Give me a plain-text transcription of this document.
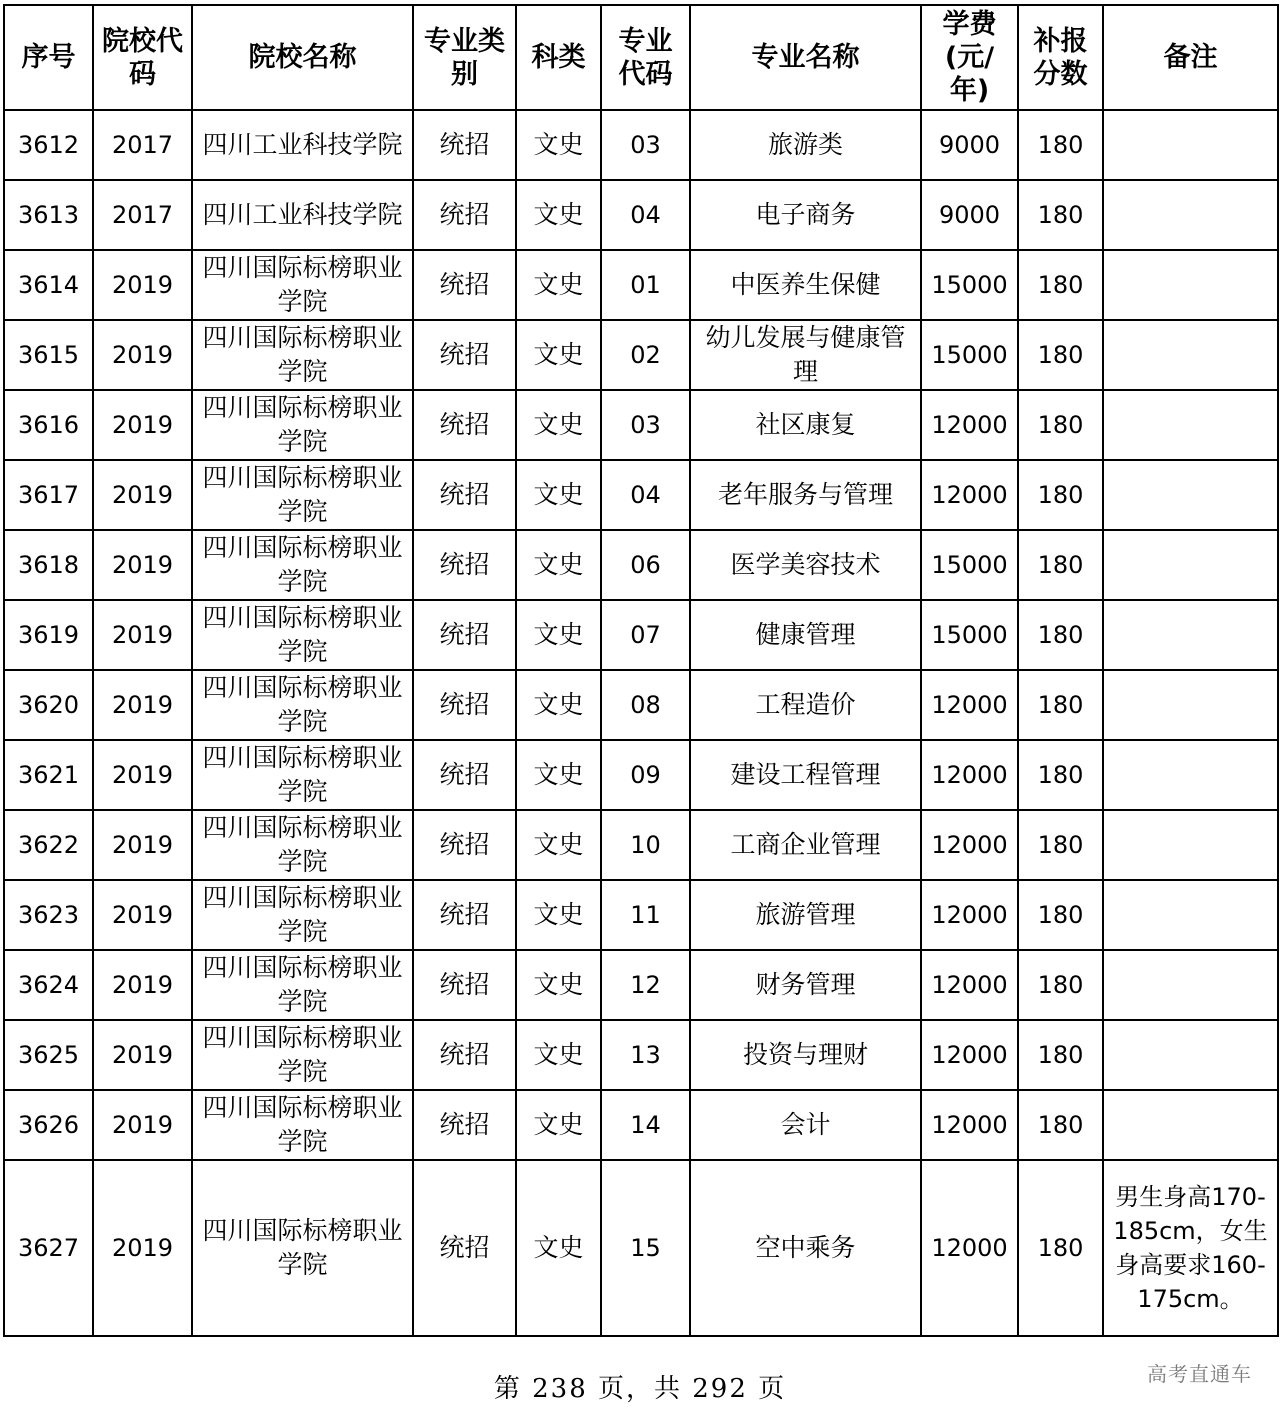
序号	院校代码	院校名称	专业类别	科类	专业代码	专业名称	学费(元/年)	补报分数	备注
3612	2017	四川工业科技学院	统招	文史	03	旅游类	9000	180	
3613	2017	四川工业科技学院	统招	文史	04	电子商务	9000	180	
3614	2019	四川国际标榜职业学院	统招	文史	01	中医养生保健	15000	180	
3615	2019	四川国际标榜职业学院	统招	文史	02	幼儿发展与健康管理	15000	180	
3616	2019	四川国际标榜职业学院	统招	文史	03	社区康复	12000	180	
3617	2019	四川国际标榜职业学院	统招	文史	04	老年服务与管理	12000	180	
3618	2019	四川国际标榜职业学院	统招	文史	06	医学美容技术	15000	180	
3619	2019	四川国际标榜职业学院	统招	文史	07	健康管理	15000	180	
3620	2019	四川国际标榜职业学院	统招	文史	08	工程造价	12000	180	
3621	2019	四川国际标榜职业学院	统招	文史	09	建设工程管理	12000	180	
3622	2019	四川国际标榜职业学院	统招	文史	10	工商企业管理	12000	180	
3623	2019	四川国际标榜职业学院	统招	文史	11	旅游管理	12000	180	
3624	2019	四川国际标榜职业学院	统招	文史	12	财务管理	12000	180	
3625	2019	四川国际标榜职业学院	统招	文史	13	投资与理财	12000	180	
3626	2019	四川国际标榜职业学院	统招	文史	14	会计	12000	180	
3627	2019	四川国际标榜职业学院	统招	文史	15	空中乘务	12000	180	男生身高170-185cm，女生身高要求160-175cm。
第 238 页，共 292 页	高考直通车
